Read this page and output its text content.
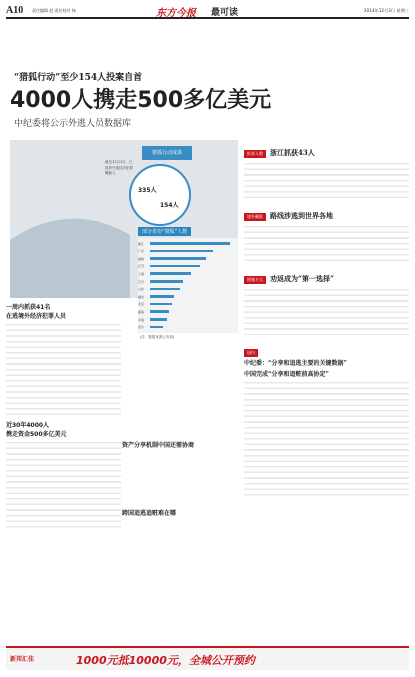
A10 责任编辑 赵 责任校对 杨	东方今报 最可读	2014年12月3日 星期三
“猎狐行动”至少154人投案自首
4000人携走500多亿美元
中纪委将公示外逃人员数据库
猎狐行动成果
335人
154人
截至12月1日，已抓获外逃经济犯罪嫌疑人
部分省份“猎狐”人数
浙江
广东
福建
江苏
上海
辽宁
山东
湖北
北京
湖南
河南
四川
(注：数据来源公安部)
一周内抓获41名
在逃境外经济犯罪人员
近30年4000人
携走资金500多亿美元
跨国追逃追赃难在哪
资产分享机制中国还需协商
抓获人数 浙江抓获43人
境外藏匿 路线涉逃到世界各地
措施方式 劝返成为“第一选择”
国内
中纪委：“分享和追逃主要的关键数据”
中国完成“分享和追赃前高协定”
新邦汇佳	1000元抵10000元，全城公开预约
